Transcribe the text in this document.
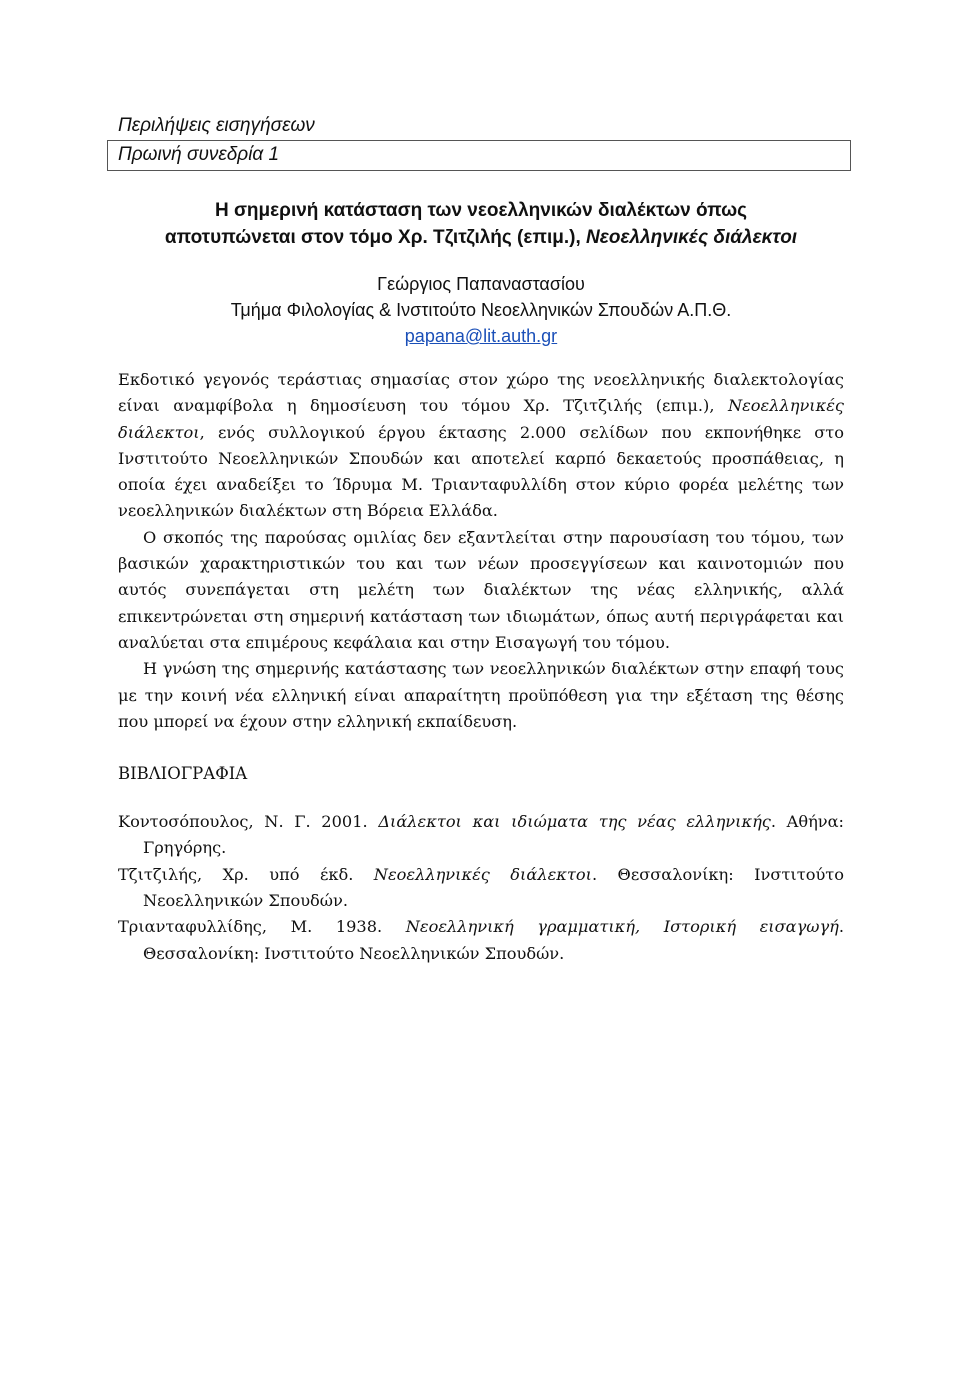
Περιλήψεις εισηγήσεων
Πρωινή συνεδρία 1
Η σημερινή κατάσταση των νεοελληνικών διαλέκτων όπως
αποτυπώνεται στον τόμο Χρ. Τζιτζιλής (επιμ.), Νεοελληνικές διάλεκτοι
Γεώργιος Παπαναστασίου
Τμήμα Φιλολογίας & Ινστιτούτο Νεοελληνικών Σπουδών Α.Π.Θ.
papana@lit.auth.gr

Εκδοτικό γεγονός τεράστιας σημασίας στον χώρο της νεοελληνικής διαλεκτολογίας είναι αναμφίβολα η δημοσίευση του τόμου Χρ. Τζιτζιλής (επιμ.), Νεοελληνικές διάλεκτοι, ενός συλλογικού έργου έκτασης 2.000 σελίδων που εκπονήθηκε στο Ινστιτούτο Νεοελληνικών Σπουδών και αποτελεί καρπό δεκαετούς προσπάθειας, η οποία έχει αναδείξει το Ίδρυμα Μ. Τριανταφυλλίδη στον κύριο φορέα μελέτης των νεοελληνικών διαλέκτων στη Βόρεια Ελλάδα.

Ο σκοπός της παρούσας ομιλίας δεν εξαντλείται στην παρουσίαση του τόμου, των βασικών χαρακτηριστικών του και των νέων προσεγγίσεων και καινοτομιών που αυτός συνεπάγεται στη μελέτη των διαλέκτων της νέας ελληνικής, αλλά επικεντρώνεται στη σημερινή κατάσταση των ιδιωμάτων, όπως αυτή περιγράφεται και αναλύεται στα επιμέρους κεφάλαια και στην Εισαγωγή του τόμου.

Η γνώση της σημερινής κατάστασης των νεοελληνικών διαλέκτων στην επαφή τους με την κοινή νέα ελληνική είναι απαραίτητη προϋπόθεση για την εξέταση της θέσης που μπορεί να έχουν στην ελληνική εκπαίδευση.

ΒΙΒΛΙΟΓΡΑΦΙΑ

Κοντοσόπουλος, Ν. Γ. 2001. Διάλεκτοι και ιδιώματα της νέας ελληνικής. Αθήνα: Γρηγόρης.

Τζιτζιλής, Χρ. υπό έκδ. Νεοελληνικές διάλεκτοι. Θεσσαλονίκη: Ινστιτούτο Νεοελληνικών Σπουδών.

Τριανταφυλλίδης, Μ. 1938. Νεοελληνική γραμματική, Ιστορική εισαγωγή. Θεσσαλονίκη: Ινστιτούτο Νεοελληνικών Σπουδών.
